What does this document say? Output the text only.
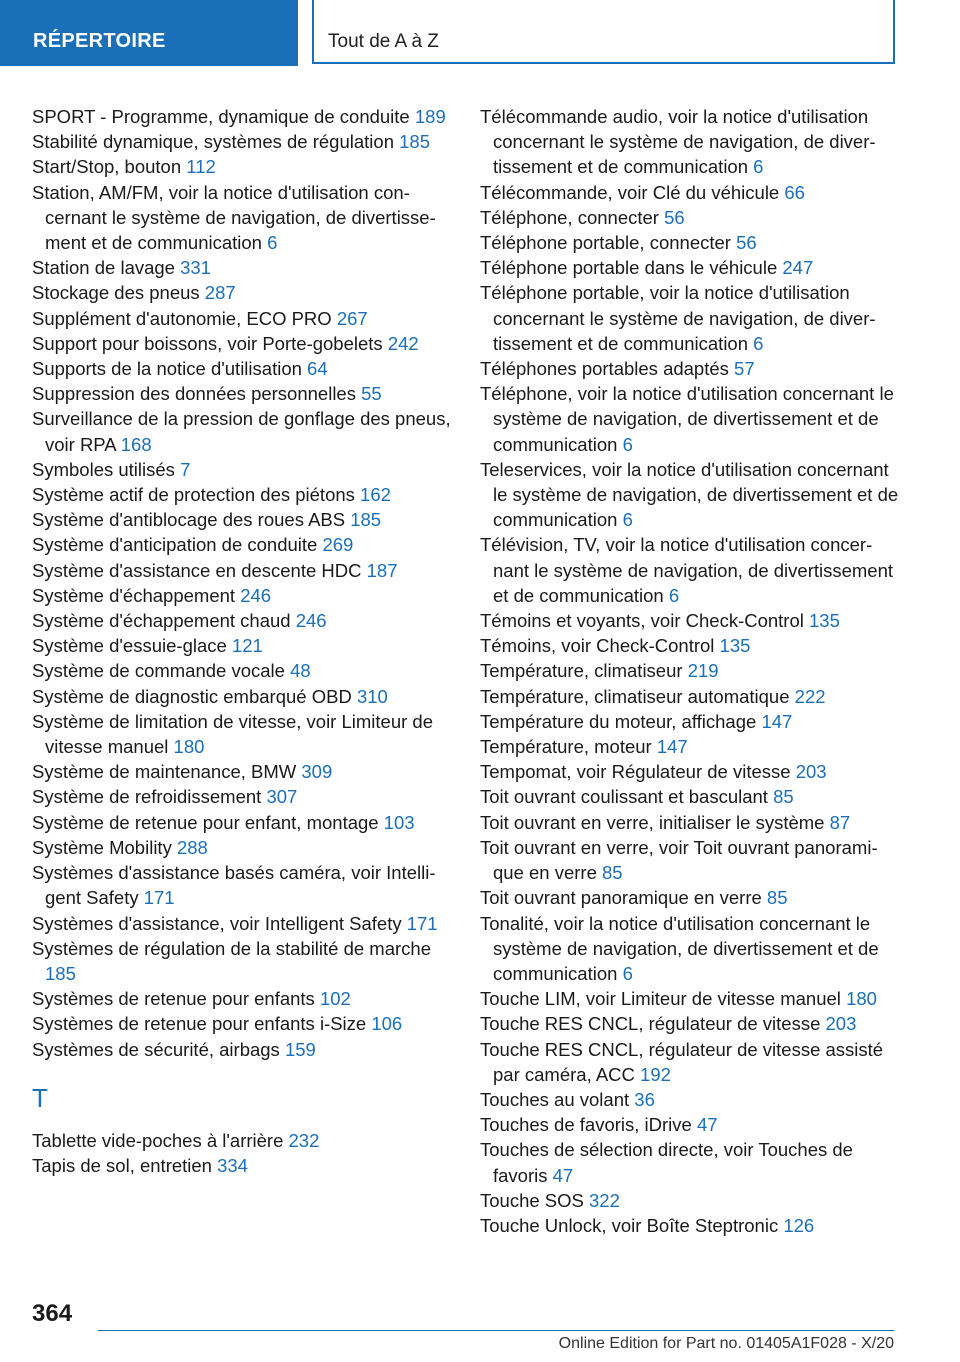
RÉPERTOIRE	Tout de A à Z
SPORT - Programme, dynamique de conduite 189
Stabilité dynamique, systèmes de régulation 185
Start/Stop, bouton 112
Station, AM/FM, voir la notice d'utilisation concernant le système de navigation, de divertissement et de communication 6
Station de lavage 331
Stockage des pneus 287
Supplément d'autonomie, ECO PRO 267
Support pour boissons, voir Porte-gobelets 242
Supports de la notice d'utilisation 64
Suppression des données personnelles 55
Surveillance de la pression de gonflage des pneus, voir RPA 168
Symboles utilisés 7
Système actif de protection des piétons 162
Système d'antiblocage des roues ABS 185
Système d'anticipation de conduite 269
Système d'assistance en descente HDC 187
Système d'échappement 246
Système d'échappement chaud 246
Système d'essuie-glace 121
Système de commande vocale 48
Système de diagnostic embarqué OBD 310
Système de limitation de vitesse, voir Limiteur de vitesse manuel 180
Système de maintenance, BMW 309
Système de refroidissement 307
Système de retenue pour enfant, montage 103
Système Mobility 288
Systèmes d'assistance basés caméra, voir Intelligent Safety 171
Systèmes d'assistance, voir Intelligent Safety 171
Systèmes de régulation de la stabilité de marche 185
Systèmes de retenue pour enfants 102
Systèmes de retenue pour enfants i-Size 106
Systèmes de sécurité, airbags 159
T
Tablette vide-poches à l'arrière 232
Tapis de sol, entretien 334
Télécommande audio, voir la notice d'utilisation concernant le système de navigation, de divertissement et de communication 6
Télécommande, voir Clé du véhicule 66
Téléphone, connecter 56
Téléphone portable, connecter 56
Téléphone portable dans le véhicule 247
Téléphone portable, voir la notice d'utilisation concernant le système de navigation, de divertissement et de communication 6
Téléphones portables adaptés 57
Téléphone, voir la notice d'utilisation concernant le système de navigation, de divertissement et de communication 6
Teleservices, voir la notice d'utilisation concernant le système de navigation, de divertissement et de communication 6
Télévision, TV, voir la notice d'utilisation concernant le système de navigation, de divertissement et de communication 6
Témoins et voyants, voir Check-Control 135
Témoins, voir Check-Control 135
Température, climatiseur 219
Température, climatiseur automatique 222
Température du moteur, affichage 147
Température, moteur 147
Tempomat, voir Régulateur de vitesse 203
Toit ouvrant coulissant et basculant 85
Toit ouvrant en verre, initialiser le système 87
Toit ouvrant en verre, voir Toit ouvrant panoramique en verre 85
Toit ouvrant panoramique en verre 85
Tonalité, voir la notice d'utilisation concernant le système de navigation, de divertissement et de communication 6
Touche LIM, voir Limiteur de vitesse manuel 180
Touche RES CNCL, régulateur de vitesse 203
Touche RES CNCL, régulateur de vitesse assisté par caméra, ACC 192
Touches au volant 36
Touches de favoris, iDrive 47
Touches de sélection directe, voir Touches de favoris 47
Touche SOS 322
Touche Unlock, voir Boîte Steptronic 126
364
Online Edition for Part no. 01405A1F028 - X/20
